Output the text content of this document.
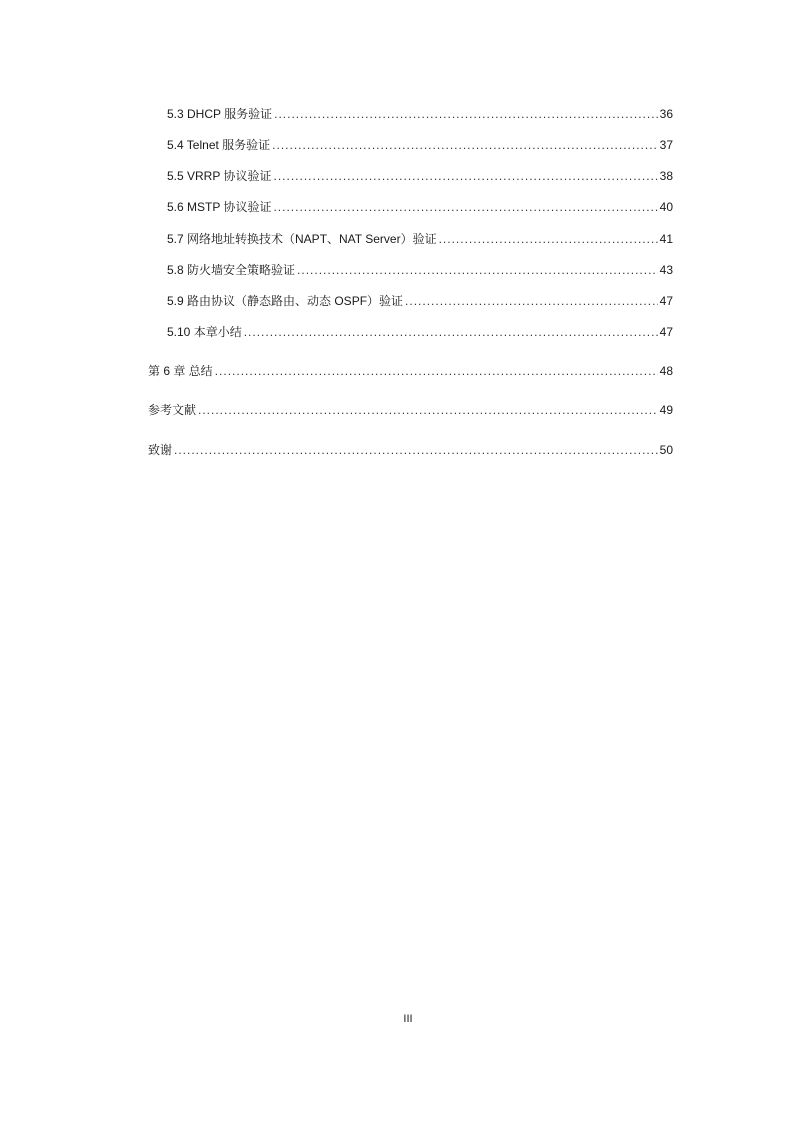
5.3 DHCP 服务验证 .....	36
5.4 Telnet 服务验证 .....	37
5.5 VRRP 协议验证 .....	38
5.6 MSTP 协议验证 .....	40
5.7 网络地址转换技术（NAPT、NAT Server）验证 .....	41
5.8 防火墙安全策略验证 .....	43
5.9 路由协议（静态路由、动态 OSPF）验证 .....	47
5.10 本章小结 .....	47
第 6 章 总结 .....	48
参考文献 .....	49
致谢 .....	50
III
